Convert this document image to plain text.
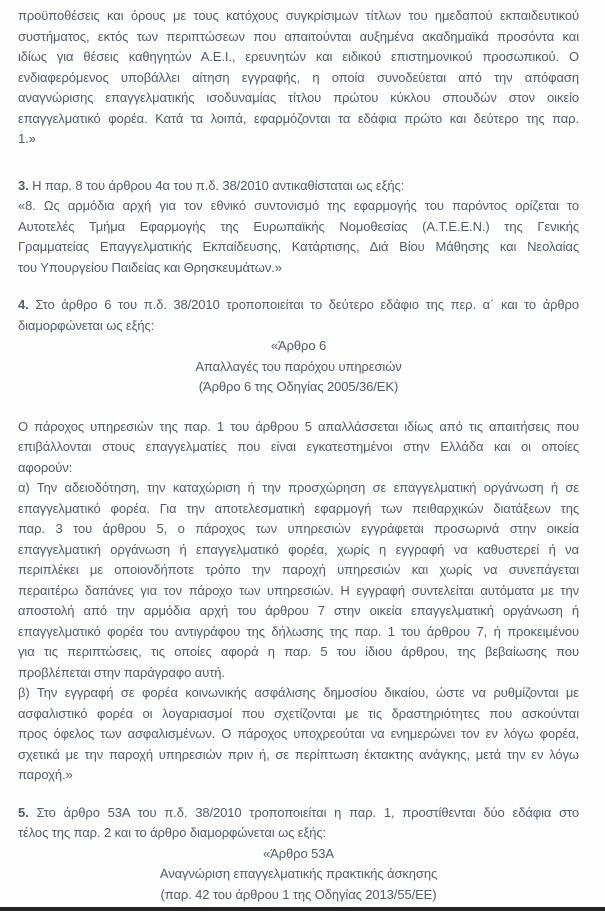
προϋποθέσεις και όρους με τους κατόχους συγκρίσιμων τίτλων του ημεδαπού εκπαιδευτικού
συστήματος, εκτός των περιπτώσεων που απαιτούνται αυξημένα ακαδημαϊκά προσόντα και
ιδίως για θέσεις καθηγητών Α.Ε.Ι., ερευνητών και ειδικού επιστημονικού προσωπικού. Ο
ενδιαφερόμενος υποβάλλει αίτηση εγγραφής, η οποία συνοδεύεται από την απόφαση
αναγνώρισης επαγγελματικής ισοδυναμίας τίτλου πρώτου κύκλου σπουδών στον οικείο
επαγγελματικό φορέα. Κατά τα λοιπά, εφαρμόζονται τα εδάφια πρώτο και δεύτερο της παρ.
1.»
3. Η παρ. 8 του άρθρου 4α του π.δ. 38/2010 αντικαθίσταται ως εξής:
«8. Ως αρμόδια αρχή για τον εθνικό συντονισμό της εφαρμογής του παρόντος ορίζεται το
Αυτοτελές Τμήμα Εφαρμογής της Ευρωπαϊκής Νομοθεσίας (Α.Τ.Ε.Ε.Ν.) της Γενικής
Γραμματείας Επαγγελματικής Εκπαίδευσης, Κατάρτισης, Διά Βίου Μάθησης και Νεολαίας
του Υπουργείου Παιδείας και Θρησκευμάτων.»
4. Στο άρθρο 6 του π.δ. 38/2010 τροποποιείται το δεύτερο εδάφιο της περ. α΄ και το άρθρο
διαμορφώνεται ως εξής:
«Άρθρο 6
Απαλλαγές του παρόχου υπηρεσιών
(Άρθρο 6 της Οδηγίας 2005/36/ΕΚ)
Ο πάροχος υπηρεσιών της παρ. 1 του άρθρου 5 απαλλάσσεται ιδίως από τις απαιτήσεις που
επιβάλλονται στους επαγγελματίες που είναι εγκατεστημένοι στην Ελλάδα και οι οποίες
αφορούν:
α) Την αδειοδότηση, την καταχώριση ή την προσχώρηση σε επαγγελματική οργάνωση ή σε
επαγγελματικό φορέα. Για την αποτελεσματική εφαρμογή των πειθαρχικών διατάξεων της
παρ. 3 του άρθρου 5, ο πάροχος των υπηρεσιών εγγράφεται προσωρινά στην οικεία
επαγγελματική οργάνωση ή επαγγελματικό φορέα, χωρίς η εγγραφή να καθυστερεί ή να
περιπλέκει με οποιονδήποτε τρόπο την παροχή υπηρεσιών και χωρίς να συνεπάγεται
περαιτέρω δαπάνες για τον πάροχο των υπηρεσιών. Η εγγραφή συντελείται αυτόματα με την
αποστολή από την αρμόδια αρχή του άρθρου 7 στην οικεία επαγγελματική οργάνωση ή
επαγγελματικό φορέα του αντιγράφου της δήλωσης της παρ. 1 του άρθρου 7, ή προκειμένου
για τις περιπτώσεις, τις οποίες αφορά η παρ. 5 του ίδιου άρθρου, της βεβαίωσης που
προβλέπεται στην παράγραφο αυτή.
β) Την εγγραφή σε φορέα κοινωνικής ασφάλισης δημοσίου δικαίου, ώστε να ρυθμίζονται με
ασφαλιστικό φορέα οι λογαριασμοί που σχετίζονται με τις δραστηριότητες που ασκούνται
προς όφελος των ασφαλισμένων. Ο πάροχος υποχρεούται να ενημερώνει τον εν λόγω φορέα,
σχετικά με την παροχή υπηρεσιών πριν ή, σε περίπτωση έκτακτης ανάγκης, μετά την εν λόγω
παροχή.»
5. Στο άρθρο 53Α του π.δ. 38/2010 τροποποιείται η παρ. 1, προστίθενται δύο εδάφια στο
τέλος της παρ. 2 και το άρθρο διαμορφώνεται ως εξής:
«Άρθρο 53Α
Αναγνώριση επαγγελματικής πρακτικής άσκησης
(παρ. 42 του άρθρου 1 της Οδηγίας 2013/55/ΕΕ)
